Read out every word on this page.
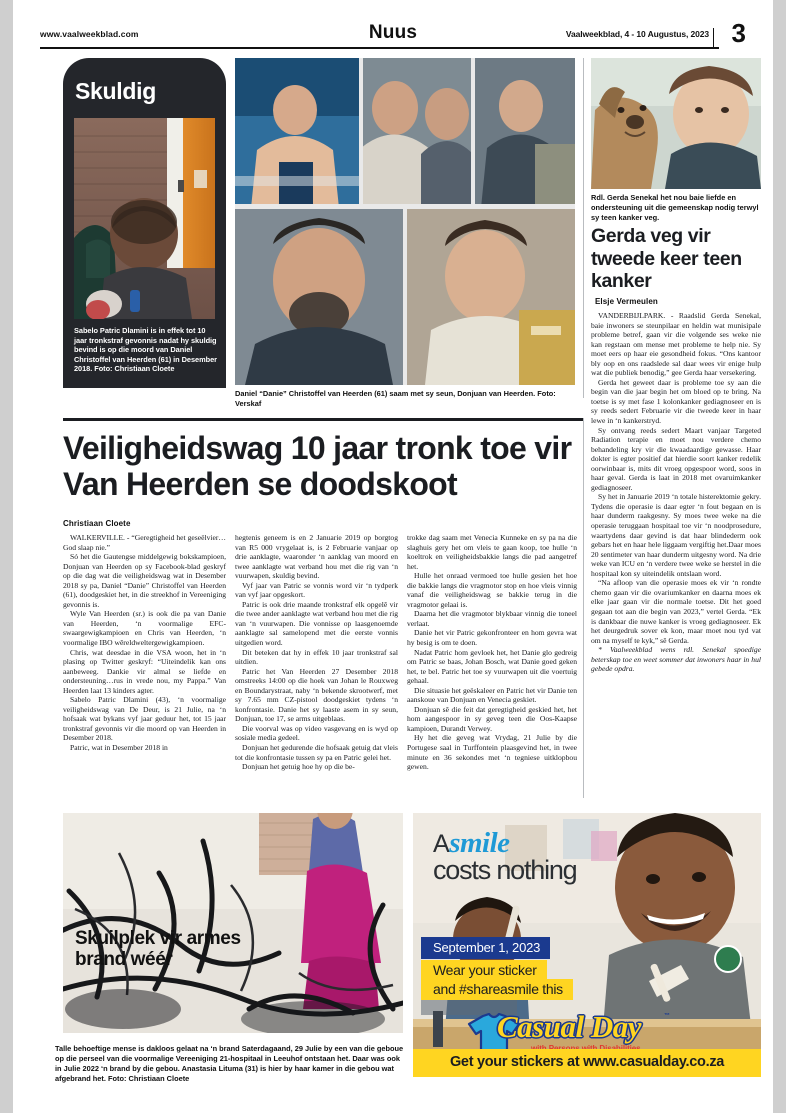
www.vaalweekblad.com	Nuus	Vaalweekblad, 4 - 10 Augustus, 2023 3
Skuldig
Sabelo Patric Dlamini is in effek tot 10 jaar tronkstraf gevonnis nadat hy skuldig bevind is op die moord van Daniel Christoffel van Heerden (61) in Desember 2018. Foto: Christiaan Cloete
Daniel “Danie” Christoffel van Heerden (61) saam met sy seun, Donjuan van Heerden. Foto: Verskaf
Rdl. Gerda Senekal het nou baie liefde en ondersteuning uit die gemeenskap nodig terwyl sy teen kanker veg.
Gerda veg vir tweede keer teen kanker
Elsje Vermeulen

VANDERBIJLPARK. - Raadslid Gerda Senekal, baie inwoners se steunpilaar en heldin wat munisipale probleme betref, gaan vir die volgende ses weke nie kan regstaan om mense met probleme te help nie. Sy moet eers op haar eie gesondheid fokus. “Ons kantoor bly oop en ons raadslede sal daar wees vir enige hulp wat die publiek benodig,” gee Gerda haar versekering.

Gerda het geweet daar is probleme toe sy aan die begin van die jaar begin het om bloed op te bring. Na toetse is sy met fase 1 kolonkanker gediagnoseer en is sy reeds sedert Februarie vir die tweede keer in haar lewe in ‘n kankerstryd.

Sy ontvang reeds sedert Maart vanjaar Targeted Radiation terapie en moet nou verdere chemo behandeling kry vir die kwaadaardige gewasse. Haar dokter is egter positief dat hierdie soort kanker redelik oorwinbaar is, mits dit vroeg opgespoor word, soos in haar geval. Gerda is laat in 2018 met ovaruimkanker gediagnoseer.

Sy het in Januarie 2019 ‘n totale histerektomie gekry. Tydens die operasie is daar egter ‘n fout begaan en is haar dunderm raakgesny. Sy moes twee weke na die operasie teruggaan hospitaal toe vir ‘n noodprosedure, waartydens daar gevind is dat haar blindederm ook gebars het en haar hele liggaam vergiftig het.Daar moes 20 sentimeter van haar dunderm uitgesny word. Na drie weke van ICU en ‘n verdere twee weke se herstel in die hospitaal kon sy uiteindelik ontslaan word.

“Na afloop van die operasie moes ek vir ‘n rondte chemo gaan vir die ovariumkanker en daarna moes ek elke jaar gaan vir die normale toetse. Dit het goed gegaan tot aan die begin van 2023,” vertel Gerda. “Ek is dankbaar die nuwe kanker is vroeg gediagnoseer. Ek het deurgedruk sover ek kon, maar moet nou tyd vat om na myself te kyk,” sê Gerda.

* Vaalweekblad wens rdl. Senekal spoedige beterskap toe en weet sommer dat inwoners haar in hul gebede opdra.

Veiligheidswag 10 jaar tronk toe vir Van Heerden se doodskoot
Christiaan Cloete

WALKERVILLE. - “Geregtigheid het geseëlvier…God slaap nie.”

Só het die Gautengse middelgewig bokskampioen, Donjuan van Heerden op sy Facebook-blad geskryf op die dag wat die veiligheidswag wat in Desember 2018 sy pa, Daniel “Danie” Christoffel van Heerden (61), doodgeskiet het, in die streekhof in Vereeniging gevonnis is.

Wyle Van Heerden (sr.) is ook die pa van Danie van Heerden, ‘n voormalige EFC-swaargewigkampioen en Chris van Heerden, ‘n voormalige IBO wêreldweltergewigkampioen.

Chris, wat deesdae in die VSA woon, het in ‘n plasing op Twitter geskryf: “Uiteindelik kan ons aanbeweeg. Dankie vir almal se liefde en ondersteuning…rus in vrede nou, my Pappa.” Van Heerden laat 13 kinders agter.

Sabelo Patric Dlamini (43), ‘n voormalige veiligheidswag van De Deur, is 21 Julie, na ‘n hofsaak wat bykans vyf jaar geduur het, tot 15 jaar tronkstraf gevonnis vir die moord op van Heerden in Desember 2018.

Patric, wat in Desember 2018 in

hegtenis geneem is en 2 Januarie 2019 op borgtog van R5 000 vrygelaat is, is 2 Februarie vanjaar op drie aanklagte, waaronder ‘n aanklag van moord en twee aanklagte wat verband hou met die rig van ‘n vuurwapen, skuldig bevind.

Vyf jaar van Patric se vonnis word vir ‘n tydperk van vyf jaar opgeskort.

Patric is ook drie maande tronkstraf elk opgelê vir die twee ander aanklagte wat verband hou met die rig van ‘n vuurwapen. Die vonnisse op laasgenoemde aanklagte sal samelopend met die eerste vonnis uitgedien word.

Dit beteken dat hy in effek 10 jaar tronkstraf sal uitdien.

Patric het Van Heerden 27 Desember 2018 omstreeks 14:00 op die hoek van Johan le Rouxweg en Boundarystraat, naby ‘n bekende skrootwerf, met sy 7.65 mm CZ-pistool doodgeskiet tydens ‘n konfrontasie. Danie het sy laaste asem in sy seun, Donjuan, toe 17, se arms uitgeblaas.

Die voorval was op video vasgevang en is wyd op sosiale media gedeel.

Donjuan het gedurende die hofsaak getuig dat vleis tot die konfrontasie tussen sy pa en Patric gelei het.

Donjuan het getuig hoe hy op die be-

trokke dag saam met Venecia Kunneke en sy pa na die slaghuis gery het om vleis te gaan koop, toe hulle ‘n koeltrok en veiligheidsbakkie langs die pad aangetref het.

Hulle het onraad vermoed toe hulle gesien het hoe die bakkie langs die vragmotor stop en hoe vleis vinnig vanaf die veiligheidswag se bakkie terug in die vragmotor gelaai is.

Daarna het die vragmotor blykbaar vinnig die toneel verlaat.

Danie het vir Patric gekonfronteer en hom gevra wat hy besig is om te doen.

Nadat Patric hom gevloek het, het Danie glo gedreig om Patric se baas, Johan Bosch, wat Danie goed geken het, te bel. Patric het toe sy vuurwapen uit die voertuig gehaal.

Die situasie het geëskaleer en Patric het vir Danie ten aanskoue van Donjuan en Venecia geskiet.

Donjuan sê die feit dat geregtigheid geskied het, het hom aangespoor in sy geveg teen die Oos-Kaapse kampioen, Durandt Verwey.

Hy het die geveg wat Vrydag, 21 Julie by die Portugese saal in Turffontein plaasgevind het, in twee minute en 36 sekondes met ‘n tegniese uitklopbou gewen.

Skuilplek vir armes brand wéér
Talle behoeftige mense is dakloos gelaat na ‘n brand Saterdagaand, 29 Julie by een van die geboue op die perseel van die voormalige Vereeniging 21-hospitaal in Leeuhof ontstaan het. Daar was ook in Julie 2022 ‘n brand by die gebou. Anastasia Lituma (31) is hier by haar kamer in die gebou wat afgebrand het. Foto: Christiaan Cloete
Asmile
costs nothing
September 1, 2023
Wear your sticker
and #shareasmile this
Casual Day	™
Get your stickers at www.casualday.co.za
